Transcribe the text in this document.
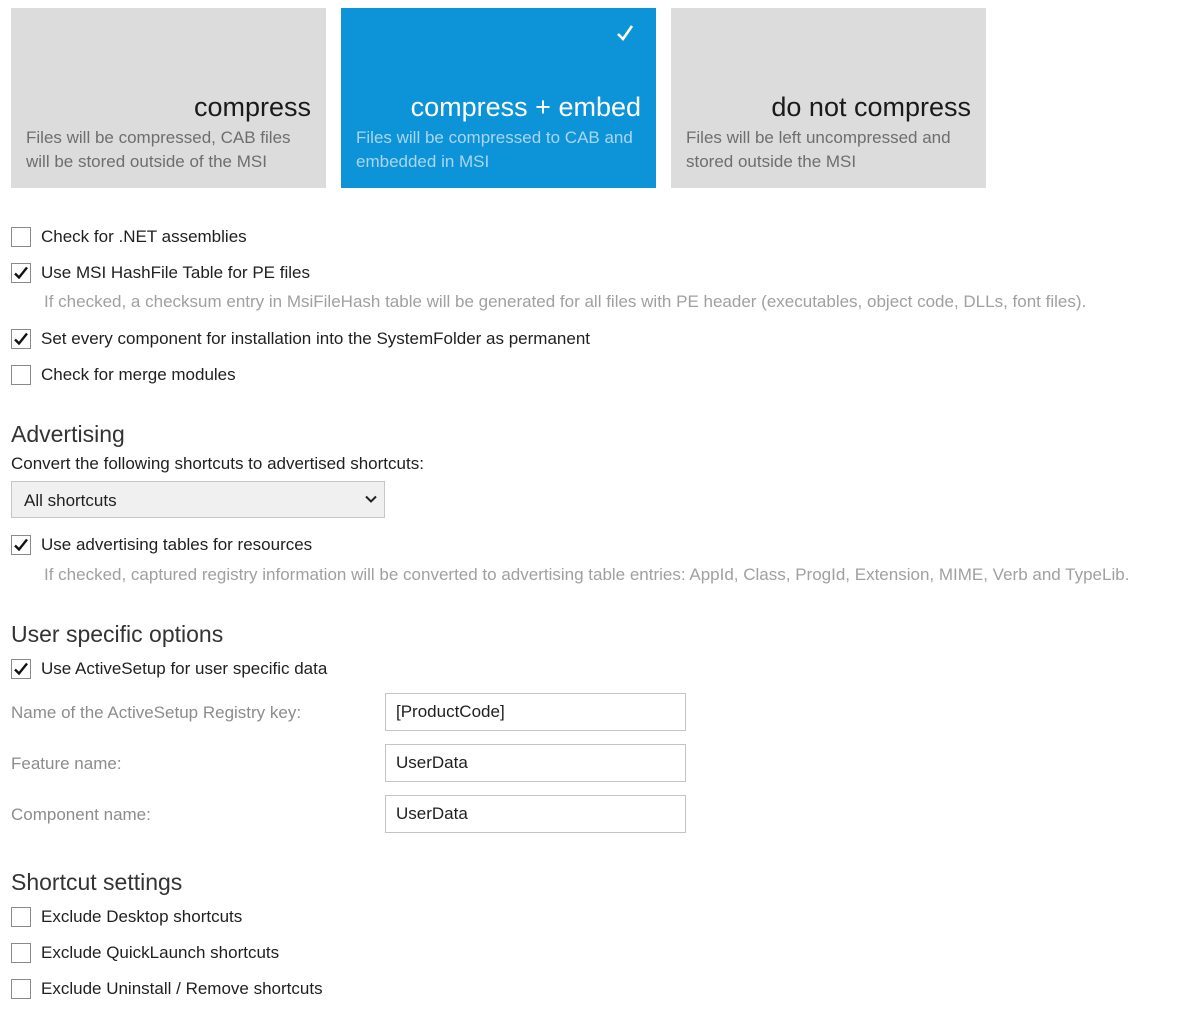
compress
Files will be compressed, CAB files will be stored outside of the MSI
compress + embed
Files will be compressed to CAB and embedded in MSI
do not compress
Files will be left uncompressed and stored outside the MSI
Check for .NET assemblies
Use MSI HashFile Table for PE files
If checked, a checksum entry in MsiFileHash table will be generated for all files with PE header (executables, object code, DLLs, font files).
Set every component for installation into the SystemFolder as permanent
Check for merge modules
Advertising
Convert the following shortcuts to advertised shortcuts:
All shortcuts
Use advertising tables for resources
If checked, captured registry information will be converted to advertising table entries: AppId, Class, ProgId, Extension, MIME, Verb and TypeLib.
User specific options
Use ActiveSetup for user specific data
Name of the ActiveSetup Registry key:
[ProductCode]
Feature name:
UserData
Component name:
UserData
Shortcut settings
Exclude Desktop shortcuts
Exclude QuickLaunch shortcuts
Exclude Uninstall / Remove shortcuts
